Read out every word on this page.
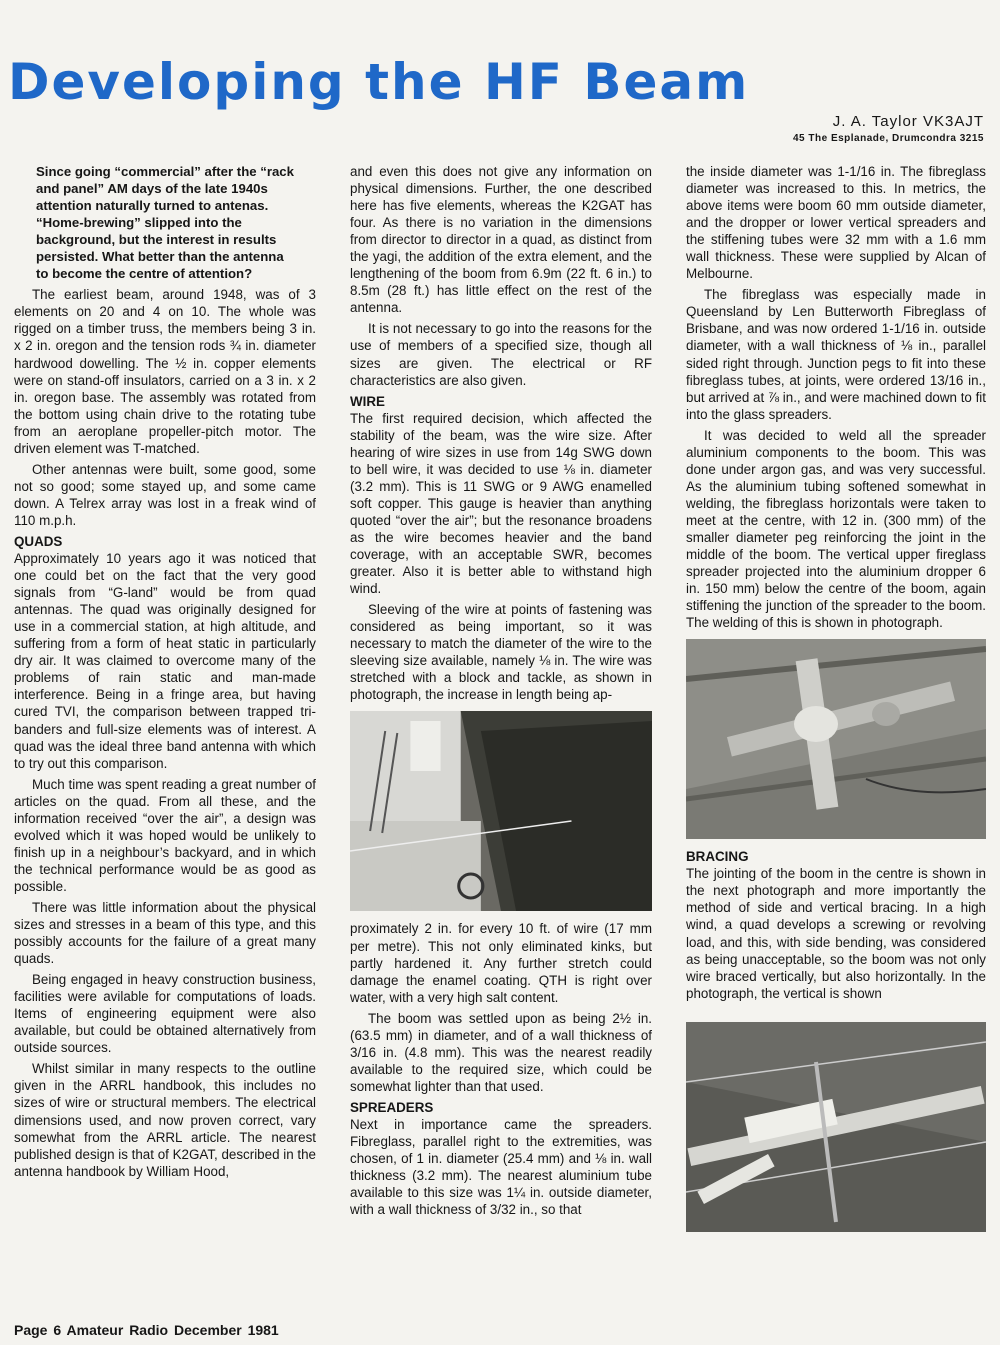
Developing the HF Beam
J. A. Taylor VK3AJT
45 The Esplanade, Drumcondra 3215
Since going “commercial” after the “rack and panel” AM days of the late 1940s attention naturally turned to antenas. “Home-brewing” slipped into the background, but the interest in results persisted. What better than the antenna to become the centre of attention?

The earliest beam, around 1948, was of 3 elements on 20 and 4 on 10. The whole was rigged on a timber truss, the members being 3 in. x 2 in. oregon and the tension rods ¾ in. diameter hardwood dowelling. The ½ in. copper elements were on stand-off insulators, carried on a 3 in. x 2 in. oregon base. The assembly was rotated from the bottom using chain drive to the rotating tube from an aeroplane propeller-pitch motor. The driven element was T-matched.

Other antennas were built, some good, some not so good; some stayed up, and some came down. A Telrex array was lost in a freak wind of 110 m.p.h.

QUADS

Approximately 10 years ago it was noticed that one could bet on the fact that the very good signals from “G-land” would be from quad antennas. The quad was originally designed for use in a commercial station, at high altitude, and suffering from a form of heat static in particularly dry air. It was claimed to overcome many of the problems of rain static and man-made interference. Being in a fringe area, but having cured TVI, the comparison between trapped tri-banders and full-size elements was of interest. A quad was the ideal three band antenna with which to try out this comparison.

Much time was spent reading a great number of articles on the quad. From all these, and the information received “over the air”, a design was evolved which it was hoped would be unlikely to finish up in a neighbour’s backyard, and in which the technical performance would be as good as possible.

There was little information about the physical sizes and stresses in a beam of this type, and this possibly accounts for the failure of a great many quads.

Being engaged in heavy construction business, facilities were avilable for computations of loads. Items of engineering equipment were also available, but could be obtained alternatively from outside sources.

Whilst similar in many respects to the outline given in the ARRL handbook, this includes no sizes of wire or structural members. The electrical dimensions used, and now proven correct, vary somewhat from the ARRL article. The nearest published design is that of K2GAT, described in the antenna handbook by William Hood,

and even this does not give any information on physical dimensions. Further, the one described here has five elements, whereas the K2GAT has four. As there is no variation in the dimensions from director to director in a quad, as distinct from the yagi, the addition of the extra element, and the lengthening of the boom from 6.9m (22 ft. 6 in.) to 8.5m (28 ft.) has little effect on the rest of the antenna.

It is not necessary to go into the reasons for the use of members of a specified size, though all sizes are given. The electrical or RF characteristics are also given.

WIRE

The first required decision, which affected the stability of the beam, was the wire size. After hearing of wire sizes in use from 14g SWG down to bell wire, it was decided to use ⅛ in. diameter (3.2 mm). This is 11 SWG or 9 AWG enamelled soft copper. This gauge is heavier than anything quoted “over the air”; but the resonance broadens as the wire becomes heavier and the band coverage, with an acceptable SWR, becomes greater. Also it is better able to withstand high wind.

Sleeving of the wire at points of fastening was considered as being important, so it was necessary to match the diameter of the wire to the sleeving size available, namely ⅛ in. The wire was stretched with a block and tackle, as shown in photograph, the increase in length being ap-

proximately 2 in. for every 10 ft. of wire (17 mm per metre). This not only eliminated kinks, but partly hardened it. Any further stretch could damage the enamel coating. QTH is right over water, with a very high salt content.

The boom was settled upon as being 2½ in. (63.5 mm) in diameter, and of a wall thickness of 3/16 in. (4.8 mm). This was the nearest readily available to the required size, which could be somewhat lighter than that used.

SPREADERS

Next in importance came the spreaders. Fibreglass, parallel right to the extremities, was chosen, of 1 in. diameter (25.4 mm) and ⅛ in. wall thickness (3.2 mm). The nearest aluminium tube available to this size was 1¼ in. outside diameter, with a wall thickness of 3/32 in., so that

the inside diameter was 1-1/16 in. The fibreglass diameter was increased to this. In metrics, the above items were boom 60 mm outside diameter, and the dropper or lower vertical spreaders and the stiffening tubes were 32 mm with a 1.6 mm wall thickness. These were supplied by Alcan of Melbourne.

The fibreglass was especially made in Queensland by Len Butterworth Fibreglass of Brisbane, and was now ordered 1-1/16 in. outside diameter, with a wall thickness of ⅛ in., parallel sided right through. Junction pegs to fit into these fibreglass tubes, at joints, were ordered 13/16 in., but arrived at ⅞ in., and were machined down to fit into the glass spreaders.

It was decided to weld all the spreader aluminium components to the boom. This was done under argon gas, and was very successful. As the aluminium tubing softened somewhat in welding, the fibreglass horizontals were taken to meet at the centre, with 12 in. (300 mm) of the smaller diameter peg reinforcing the joint in the middle of the boom. The vertical upper fireglass spreader projected into the aluminium dropper 6 in. 150 mm) below the centre of the boom, again stiffening the junction of the spreader to the boom. The welding of this is shown in photograph.

BRACING

The jointing of the boom in the centre is shown in the next photograph and more importantly the method of side and vertical bracing. In a high wind, a quad develops a screwing or revolving load, and this, with side bending, was considered as being unacceptable, so the boom was not only wire braced vertically, but also horizontally. In the photograph, the vertical is shown

Page 6 Amateur Radio December 1981
